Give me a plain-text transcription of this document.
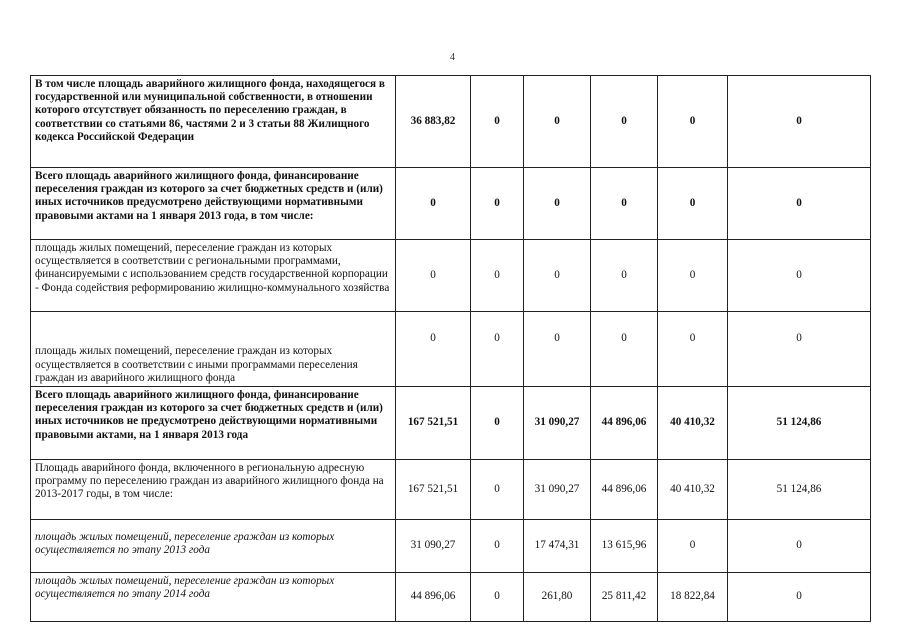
4
В том числе площадь аварийного жилищного фонда, находящегося в государственной или муниципальной собственности, в отношении которого отсутствует обязанность по переселению граждан, в соответствии со статьями 86, частями 2 и 3 статьи 88 Жилищного кодекса Российской Федерации	36 883,82	0	0	0	0	0
Всего площадь аварийного жилищного фонда, финансирование переселения граждан из которого за счет бюджетных средств и (или) иных источников предусмотрено действующими нормативными правовыми актами на 1 января 2013 года, в том числе:	0	0	0	0	0	0
площадь жилых помещений, переселение граждан из которых осуществляется в соответствии с региональными программами, финансируемыми с использованием средств государственной корпорации - Фонда содействия реформированию жилищно-коммунального хозяйства	0	0	0	0	0	0
площадь жилых помещений, переселение граждан из которых осуществляется в соответствии с иными программами переселения граждан из аварийного жилищного фонда	0	0	0	0	0	0
Всего площадь аварийного жилищного фонда, финансирование переселения граждан из которого за счет бюджетных средств и (или) иных источников не предусмотрено действующими нормативными правовыми актами, на 1 января 2013 года	167 521,51	0	31 090,27	44 896,06	40 410,32	51 124,86
Площадь аварийного фонда, включенного в региональную адресную программу по переселению граждан из аварийного жилищного фонда на 2013-2017 годы, в том числе:	167 521,51	0	31 090,27	44 896,06	40 410,32	51 124,86
площадь жилых помещений, переселение граждан из которых осуществляется по этапу 2013 года	31 090,27	0	17 474,31	13 615,96	0	0
площадь жилых помещений, переселение граждан из которых осуществляется по этапу 2014 года	44 896,06	0	261,80	25 811,42	18 822,84	0
